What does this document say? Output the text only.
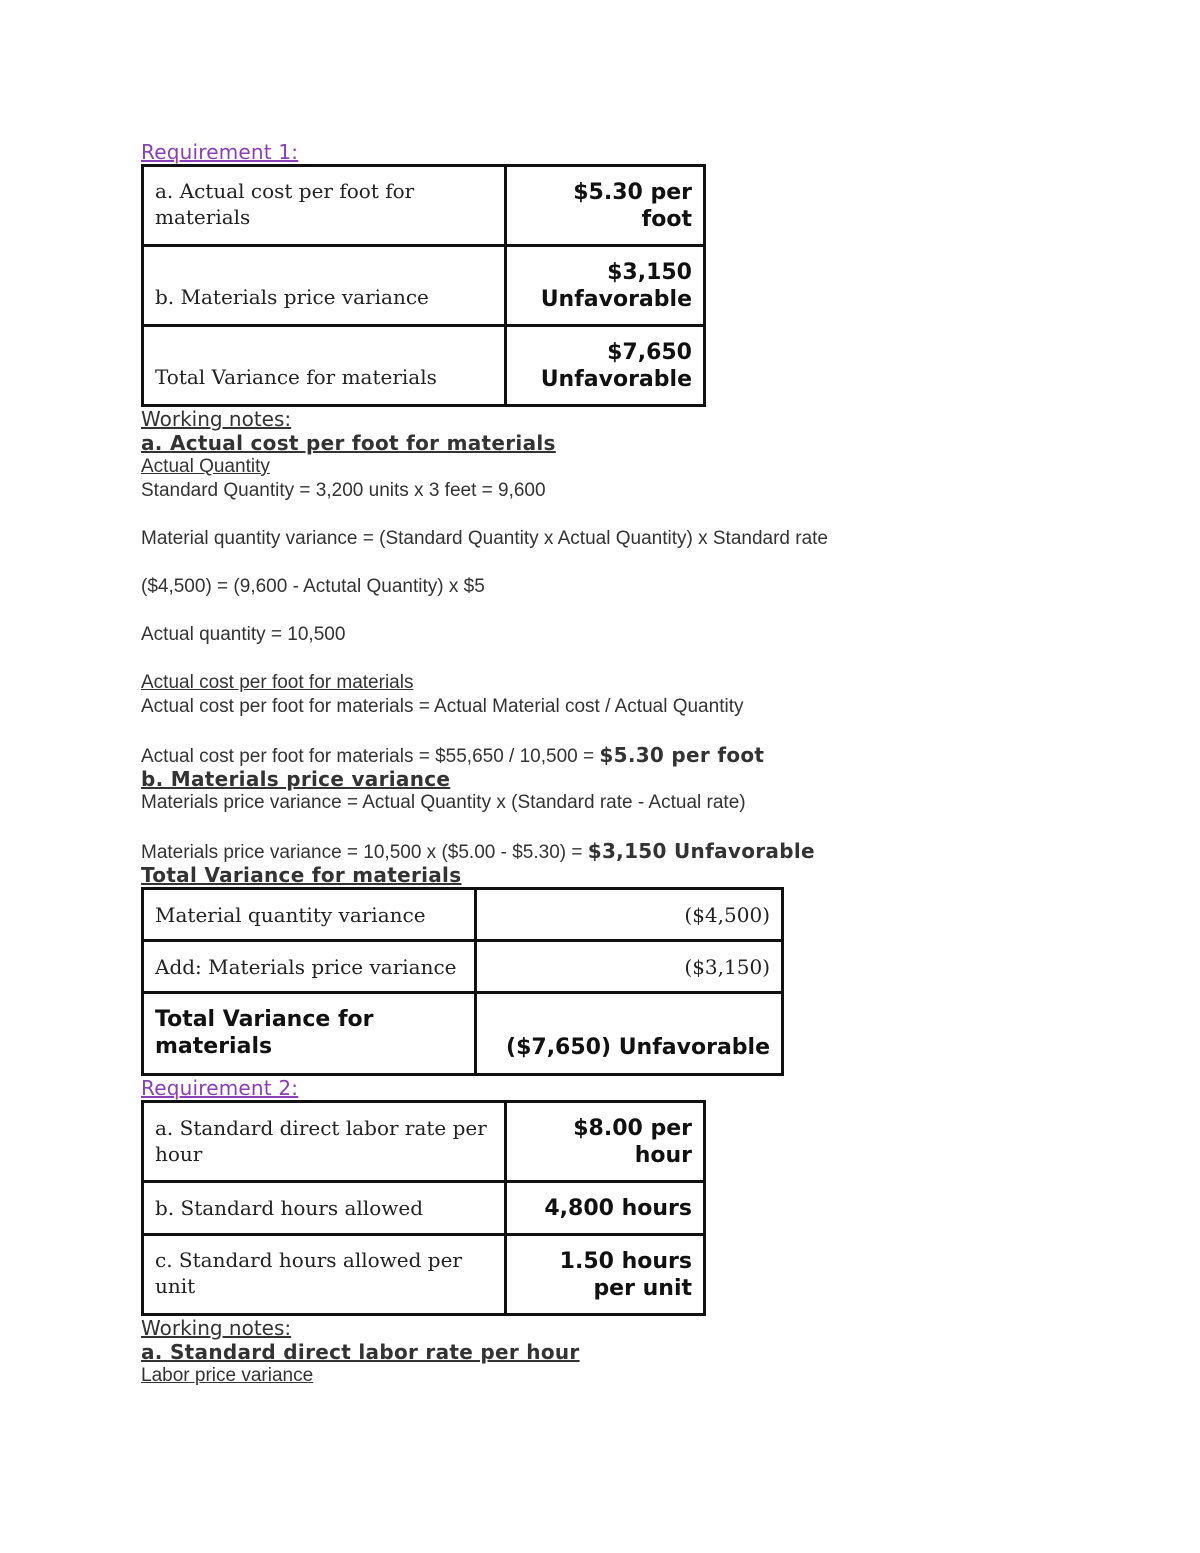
Requirement 1:
a. Actual cost per foot for materials	$5.30 per foot
b. Materials price variance	$3,150 Unfavorable
Total Variance for materials	$7,650 Unfavorable
Working notes:
a. Actual cost per foot for materials
Actual Quantity
Standard Quantity = 3,200 units x 3 feet = 9,600
Material quantity variance = (Standard Quantity x Actual Quantity) x Standard rate
($4,500) = (9,600 - Actutal Quantity) x $5
Actual quantity = 10,500
Actual cost per foot for materials
Actual cost per foot for materials = Actual Material cost / Actual Quantity
Actual cost per foot for materials = $55,650 / 10,500 = $5.30 per foot
b. Materials price variance
Materials price variance = Actual Quantity x (Standard rate - Actual rate)
Materials price variance = 10,500 x ($5.00 - $5.30) = $3,150 Unfavorable
Total Variance for materials
Material quantity variance	($4,500)
Add: Materials price variance	($3,150)
Total Variance for materials	($7,650) Unfavorable
Requirement 2:
a. Standard direct labor rate per hour	$8.00 per hour
b. Standard hours allowed	4,800 hours
c. Standard hours allowed per unit	1.50 hours per unit
Working notes:
a. Standard direct labor rate per hour
Labor price variance
